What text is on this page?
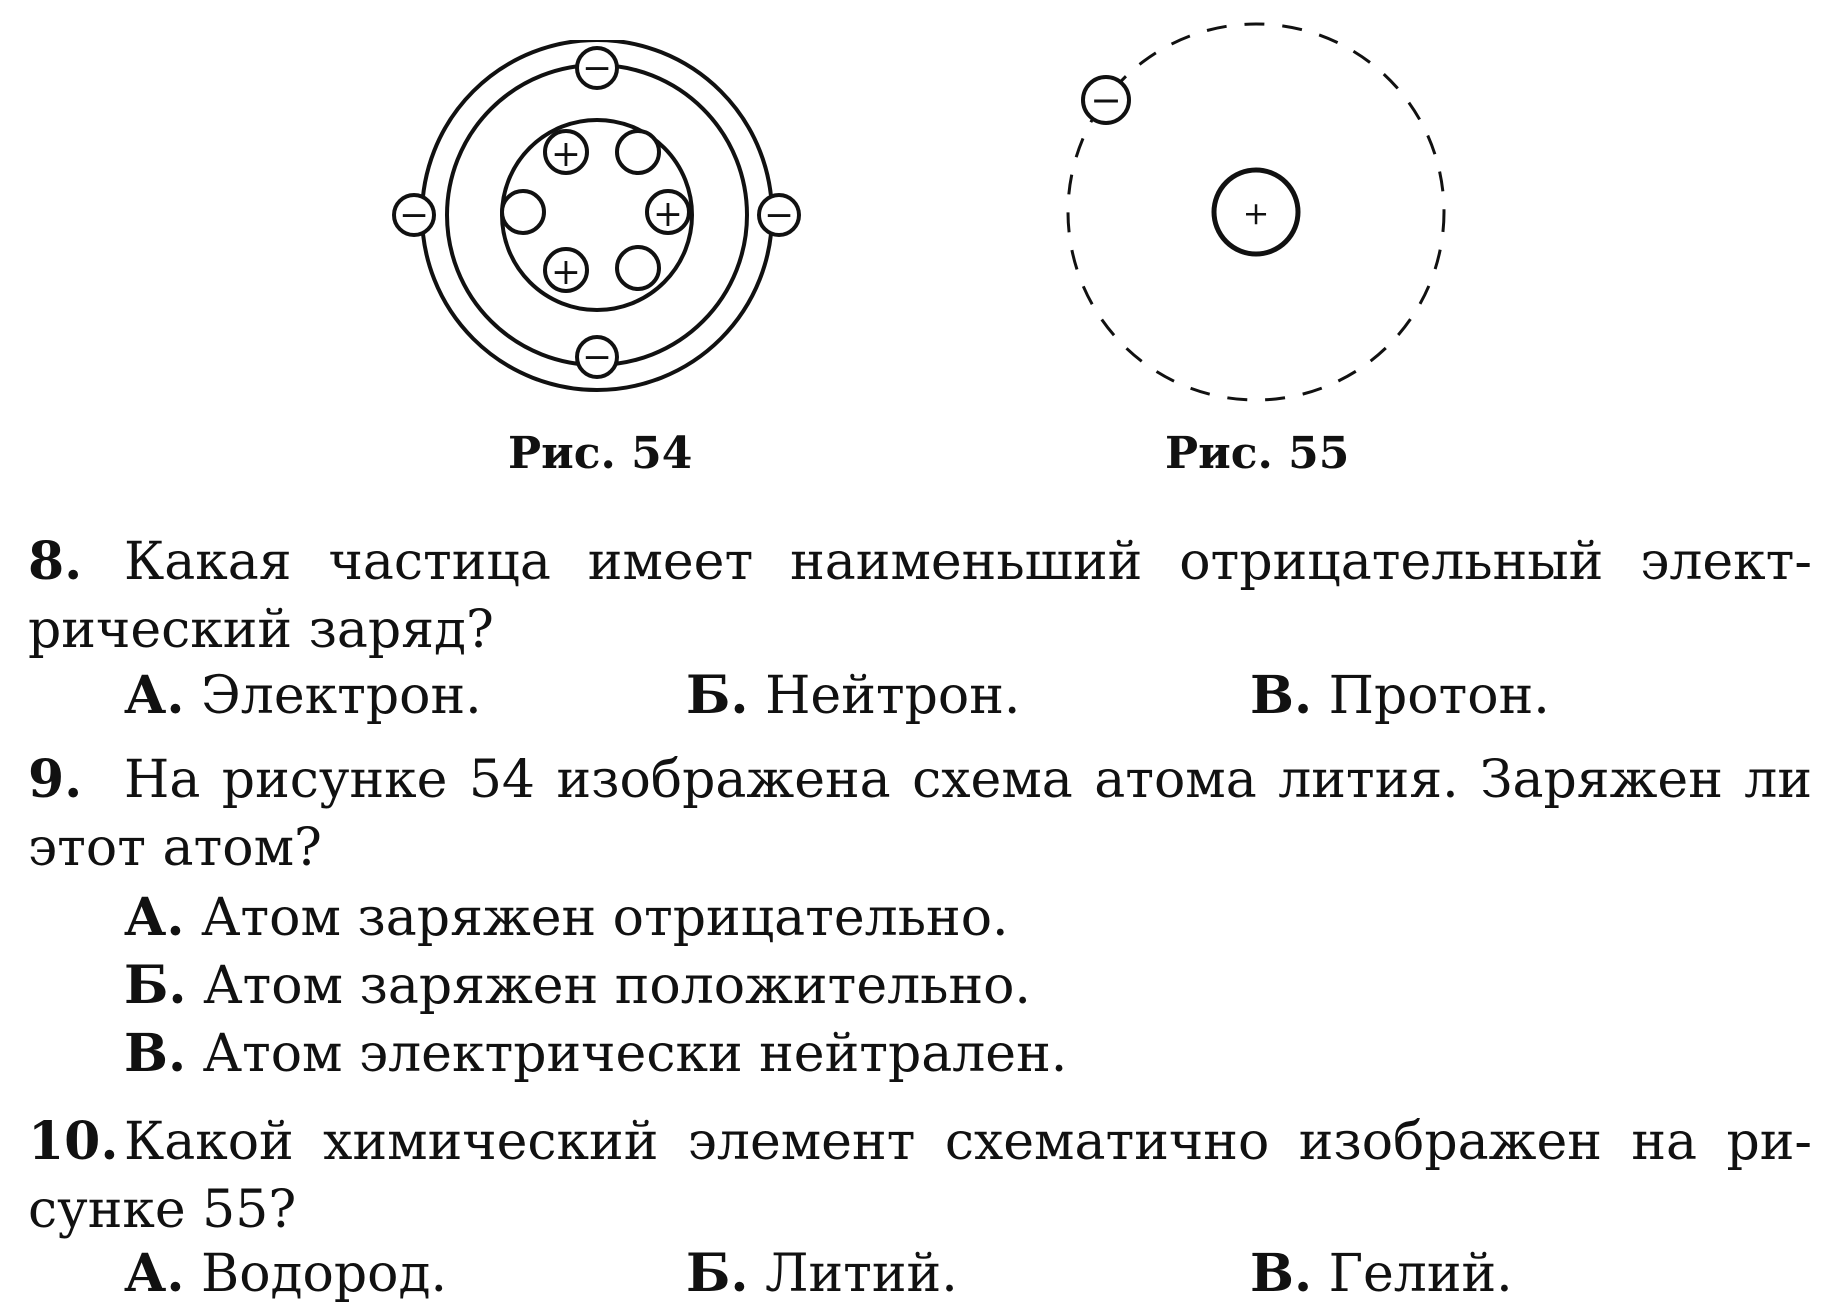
+
+
+
−
−	−
−
Рис. 54
+
−
Рис. 55
8. Какая частица имеет наименьший отрицательный элект-
рический заряд?
А. Электрон.	Б. Нейтрон.	В. Протон.
9. На рисунке 54 изображена схема атома лития. Заряжен ли
этот атом?
А. Атом заряжен отрицательно.
Б. Атом заряжен положительно.
В. Атом электрически нейтрален.
10. Какой химический элемент схематично изображен на ри-
сунке 55?
А. Водород.	Б. Литий.	В. Гелий.
